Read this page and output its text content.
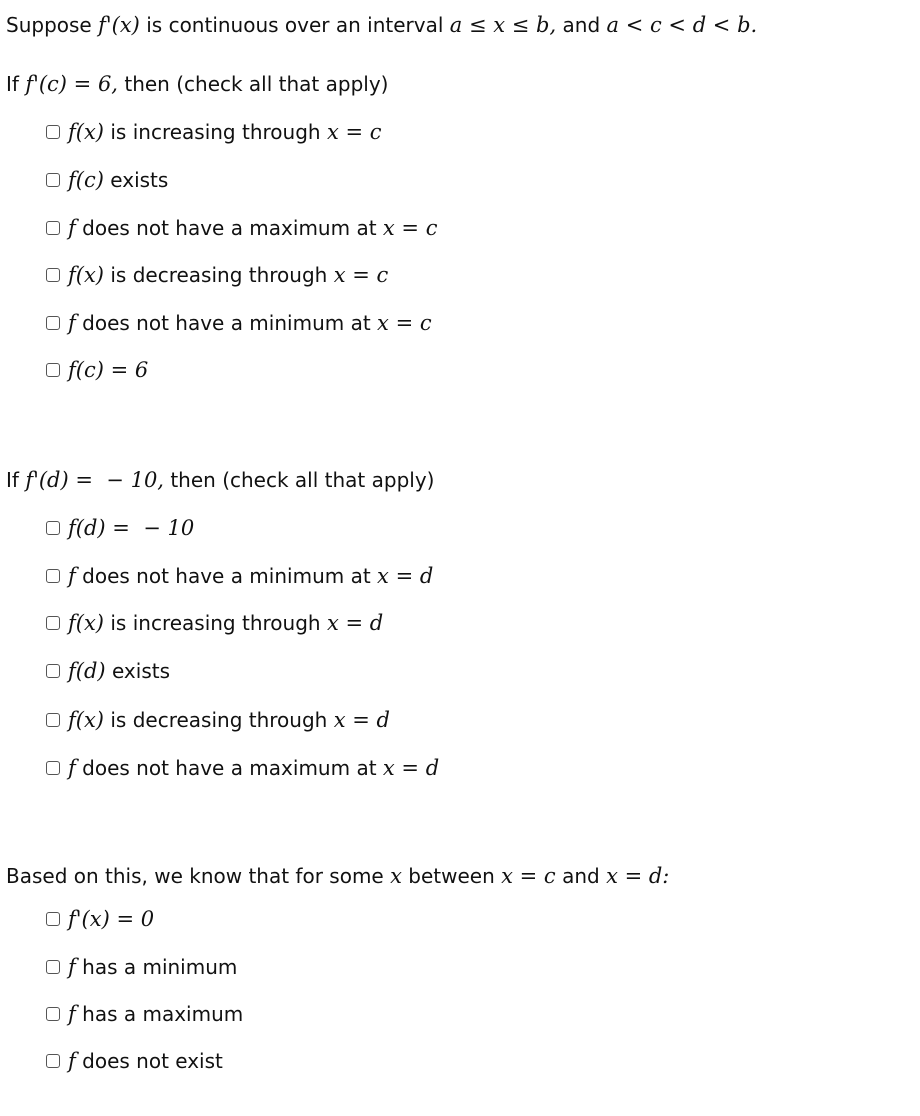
Suppose f'(x) is continuous over an interval a ≤ x ≤ b, and a < c < d < b.
If f'(c) = 6, then (check all that apply)
f(x)
is increasing through
x = c
f(c)
exists
f
does not have a maximum at
x = c
f(x)
is decreasing through
x = c
f
does not have a minimum at
x = c
f(c) = 6
If f'(d) =  − 10, then (check all that apply)
f(d) =  − 10
f
does not have a minimum at
x = d
f(x)
is increasing through
x = d
f(d)
exists
f(x)
is decreasing through
x = d
f
does not have a maximum at
x = d
Based on this, we know that for some x between x = c and x = d:
f'(x) = 0
f
has a minimum
f
has a maximum
f
does not exist
